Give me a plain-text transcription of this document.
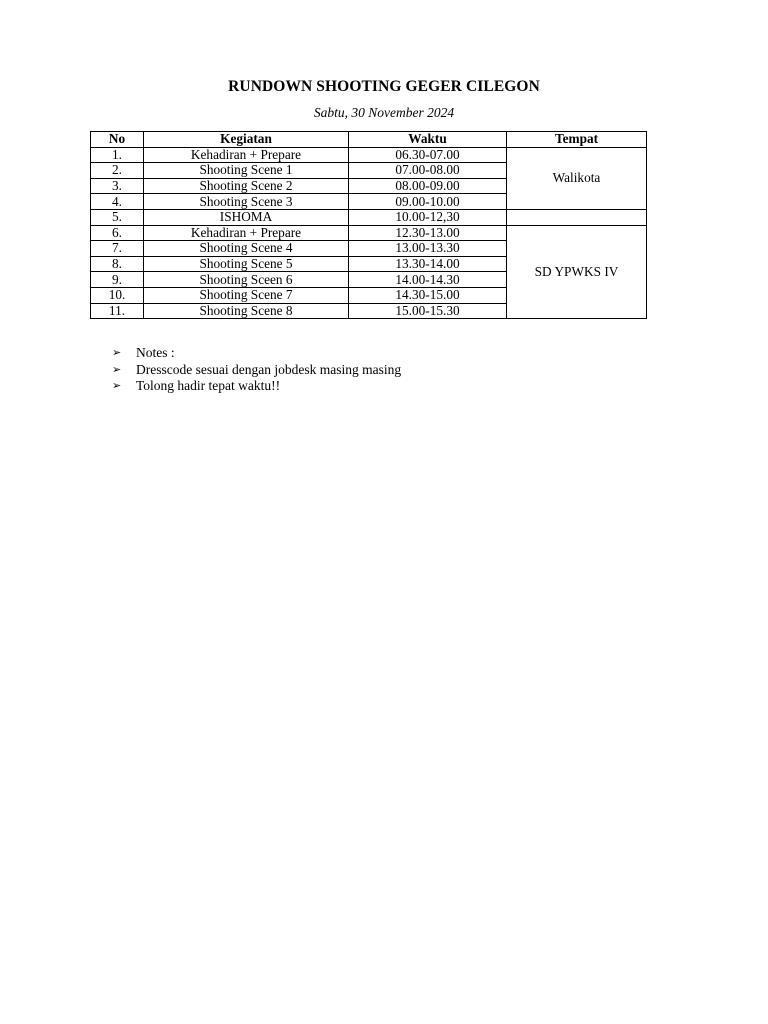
RUNDOWN SHOOTING GEGER CILEGON
Sabtu, 30 November 2024
No	Kegiatan	Waktu	Tempat
1.	Kehadiran + Prepare	06.30-07.00	Walikota
2.	Shooting Scene 1	07.00-08.00	
3.	Shooting Scene 2	08.00-09.00	
4.	Shooting Scene 3	09.00-10.00	
5.	ISHOMA	10.00-12,30	
6.	Kehadiran + Prepare	12.30-13.00	SD YPWKS IV
7.	Shooting Scene 4	13.00-13.30	
8.	Shooting Scene 5	13.30-14.00	
9.	Shooting Sceen 6	14.00-14.30	
10.	Shooting Scene 7	14.30-15.00	
11.	Shooting Scene 8	15.00-15.30	
➢	Notes :
➢	Dresscode sesuai dengan jobdesk masing masing
➢	Tolong hadir tepat waktu!!
